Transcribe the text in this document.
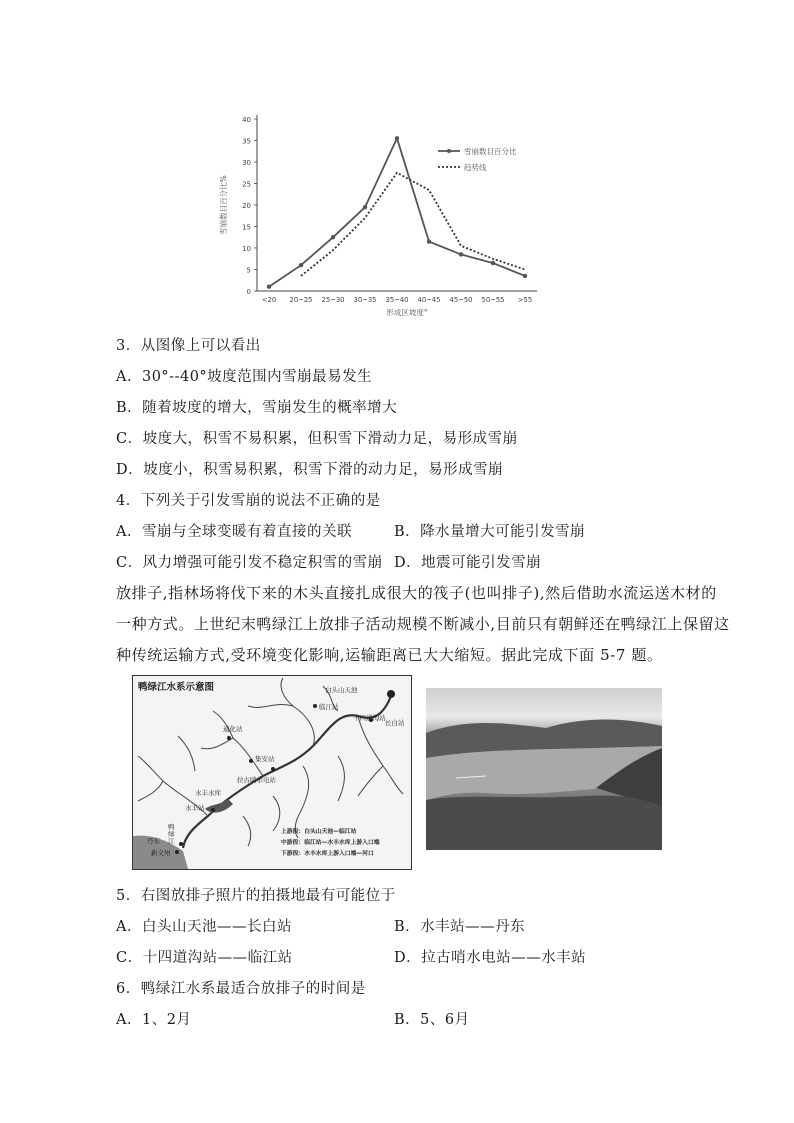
0
5
10
15
20
25
30
35
40
<20 20~25 25~30 30~35 35~40 40~45 45~50 50~55 >55
雪崩数目百分比%
形成区坡度°
雪崩数目百分比
趋势线
3．从图像上可以看出
A．30°--40°坡度范围内雪崩最易发生
B．随着坡度的增大，雪崩发生的概率增大
C．坡度大，积雪不易积累，但积雪下滑动力足，易形成雪崩
D．坡度小，积雪易积累，积雪下滑的动力足，易形成雪崩
4．下列关于引发雪崩的说法不正确的是
A．雪崩与全球变暖有着直接的关联	B．降水量增大可能引发雪崩
C．风力增强可能引发不稳定积雪的雪崩 D．地震可能引发雪崩
放排子,指林场将伐下来的木头直接扎成很大的筏子(也叫排子),然后借助水流运送木材的
一种方式。上世纪末鸭绿江上放排子活动规模不断减小,目前只有朝鲜还在鸭绿江上保留这
种传统运输方式,受环境变化影响,运输距离已大大缩短。据此完成下面 5-7 题。
鸭绿江水系示意图	白头山天池
长白站
十四道沟站
临江站
通化站
集安站
拉古哨水电站
水丰水库
水丰站
丹东
新义州
鸭绿江
上游段：白头山天池—临江站
中游段：临江站—水丰水库上游入口端
下游段：水丰水库上游入口端—河口
5．右图放排子照片的拍摄地最有可能位于
A．白头山天池——长白站	B．水丰站——丹东
C．十四道沟站——临江站	D．拉古哨水电站——水丰站
6．鸭绿江水系最适合放排子的时间是
A．1、2月	B．5、6月
